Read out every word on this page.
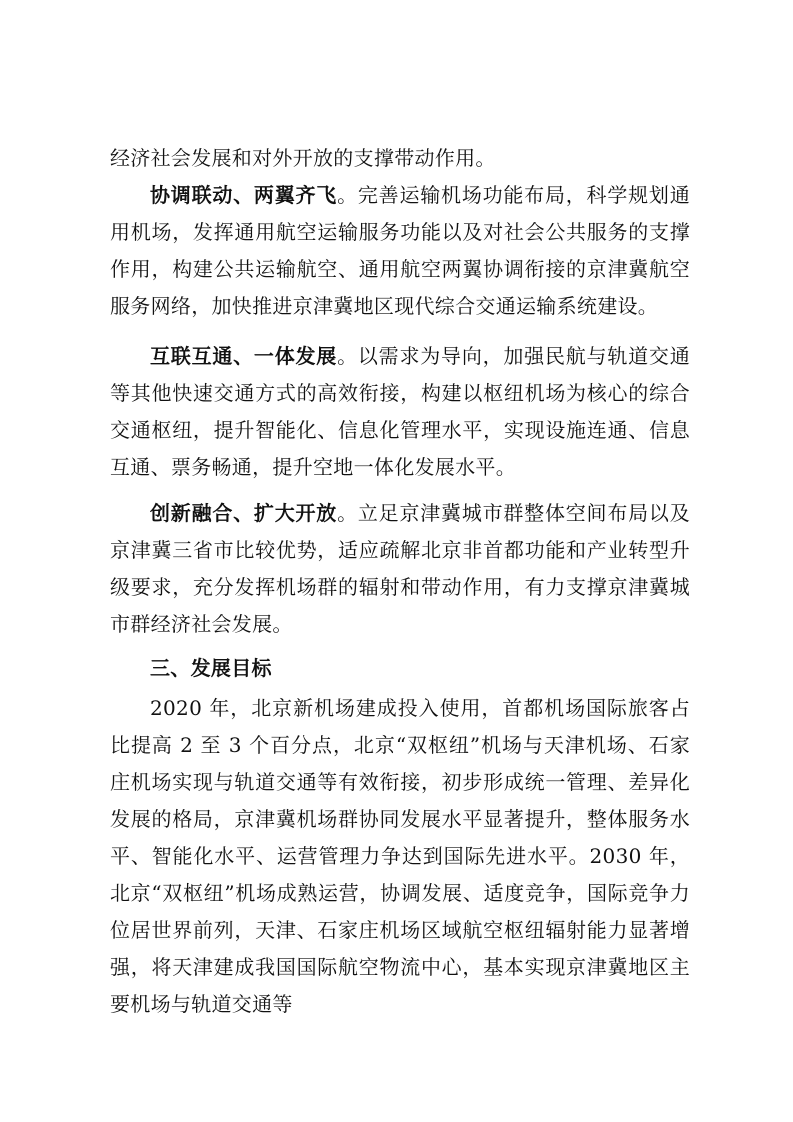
经济社会发展和对外开放的支撑带动作用。

协调联动、两翼齐飞。完善运输机场功能布局，科学规划通用机场，发挥通用航空运输服务功能以及对社会公共服务的支撑作用，构建公共运输航空、通用航空两翼协调衔接的京津冀航空服务网络，加快推进京津冀地区现代综合交通运输系统建设。

互联互通、一体发展。以需求为导向，加强民航与轨道交通等其他快速交通方式的高效衔接，构建以枢纽机场为核心的综合交通枢纽，提升智能化、信息化管理水平，实现设施连通、信息互通、票务畅通，提升空地一体化发展水平。

创新融合、扩大开放。立足京津冀城市群整体空间布局以及京津冀三省市比较优势，适应疏解北京非首都功能和产业转型升级要求，充分发挥机场群的辐射和带动作用，有力支撑京津冀城市群经济社会发展。

三、发展目标

2020 年，北京新机场建成投入使用，首都机场国际旅客占比提高 2 至 3 个百分点，北京“双枢纽”机场与天津机场、石家庄机场实现与轨道交通等有效衔接，初步形成统一管理、差异化发展的格局，京津冀机场群协同发展水平显著提升，整体服务水平、智能化水平、运营管理力争达到国际先进水平。2030 年，北京“双枢纽”机场成熟运营，协调发展、适度竞争，国际竞争力位居世界前列，天津、石家庄机场区域航空枢纽辐射能力显著增强，将天津建成我国国际航空物流中心，基本实现京津冀地区主要机场与轨道交通等
